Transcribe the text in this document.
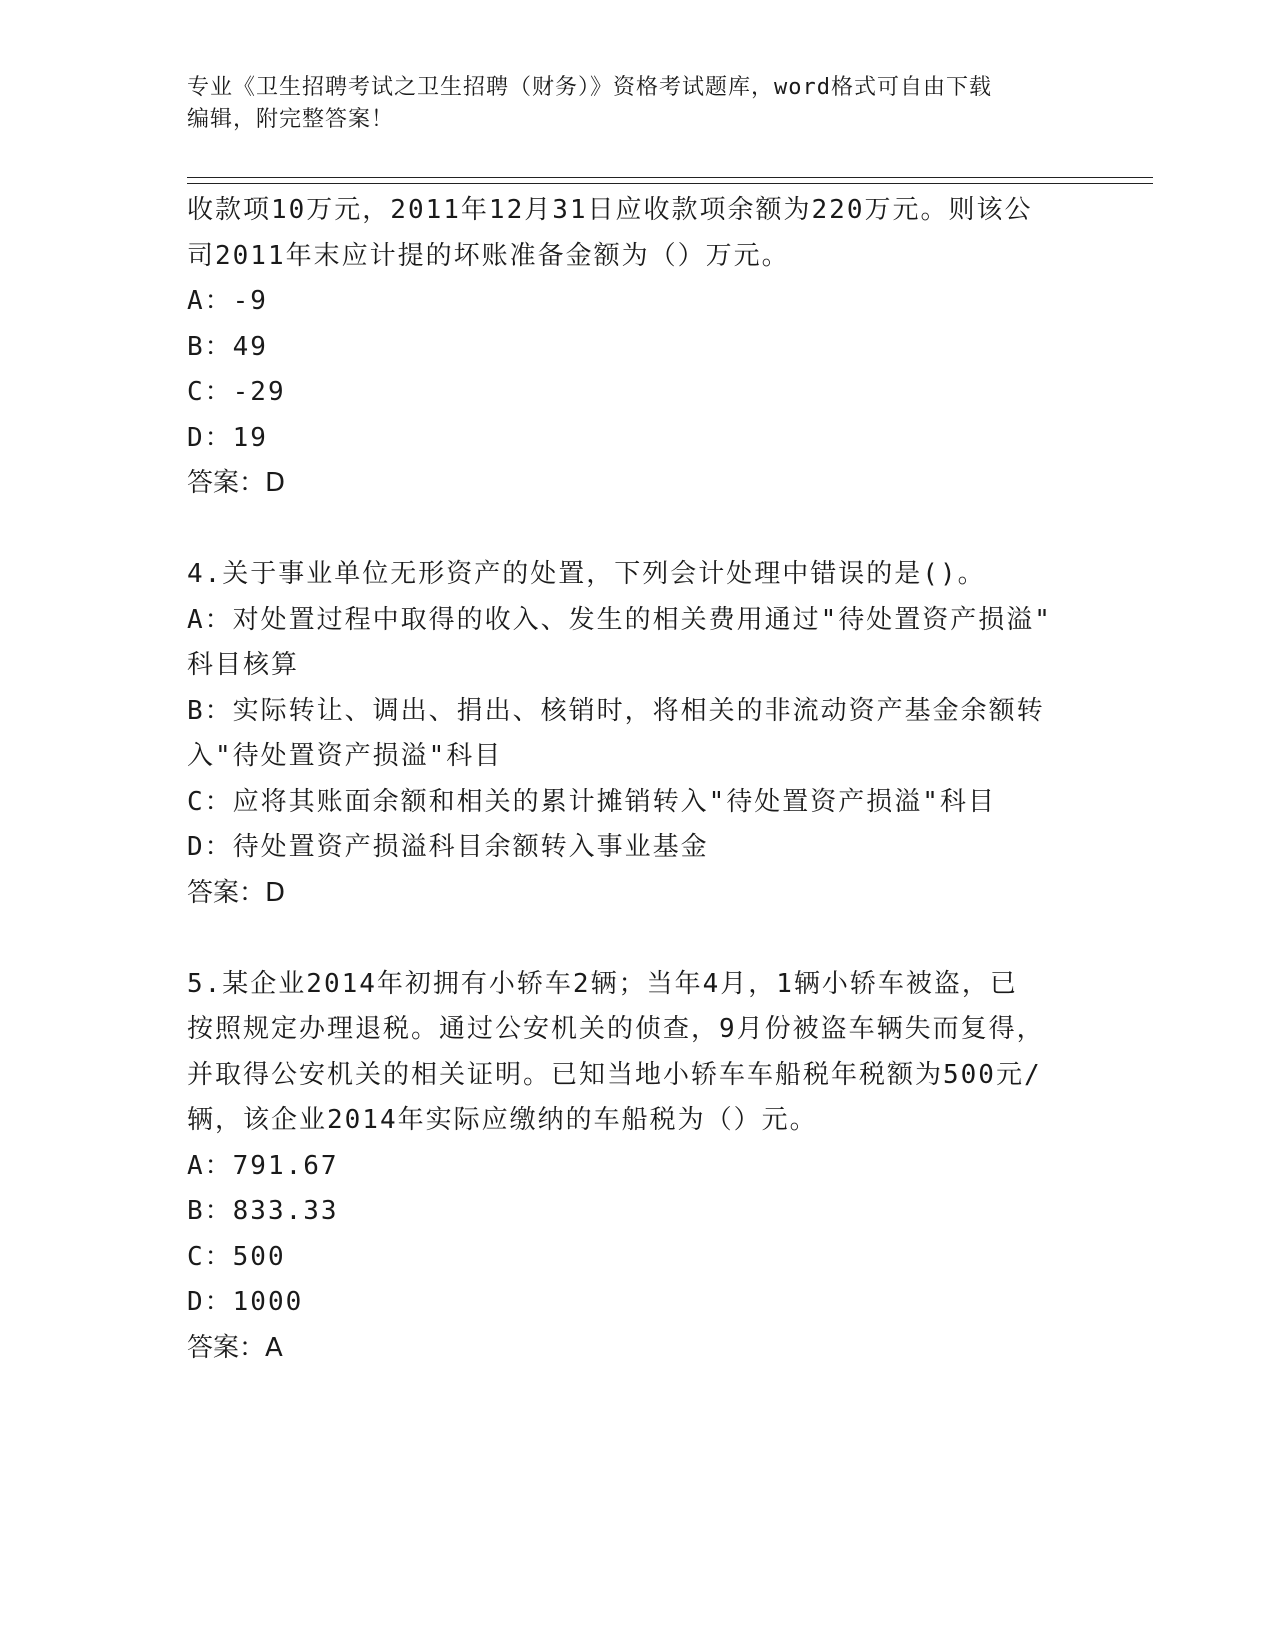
专业《卫生招聘考试之卫生招聘（财务）》资格考试题库，word格式可自由下载
编辑，附完整答案！
收款项10万元，2011年12月31日应收款项余额为220万元。则该公
司2011年末应计提的坏账准备金额为（）万元。
A：-9
B：49
C：-29
D：19
答案：D
4.关于事业单位无形资产的处置，下列会计处理中错误的是()。
A：对处置过程中取得的收入、发生的相关费用通过"待处置资产损溢"
科目核算
B：实际转让、调出、捐出、核销时，将相关的非流动资产基金余额转
入"待处置资产损溢"科目
C：应将其账面余额和相关的累计摊销转入"待处置资产损溢"科目
D：待处置资产损溢科目余额转入事业基金
答案：D
5.某企业2014年初拥有小轿车2辆；当年4月，1辆小轿车被盗，已
按照规定办理退税。通过公安机关的侦查，9月份被盗车辆失而复得，
并取得公安机关的相关证明。已知当地小轿车车船税年税额为500元/
辆，该企业2014年实际应缴纳的车船税为（）元。
A：791.67
B：833.33
C：500
D：1000
答案：A
